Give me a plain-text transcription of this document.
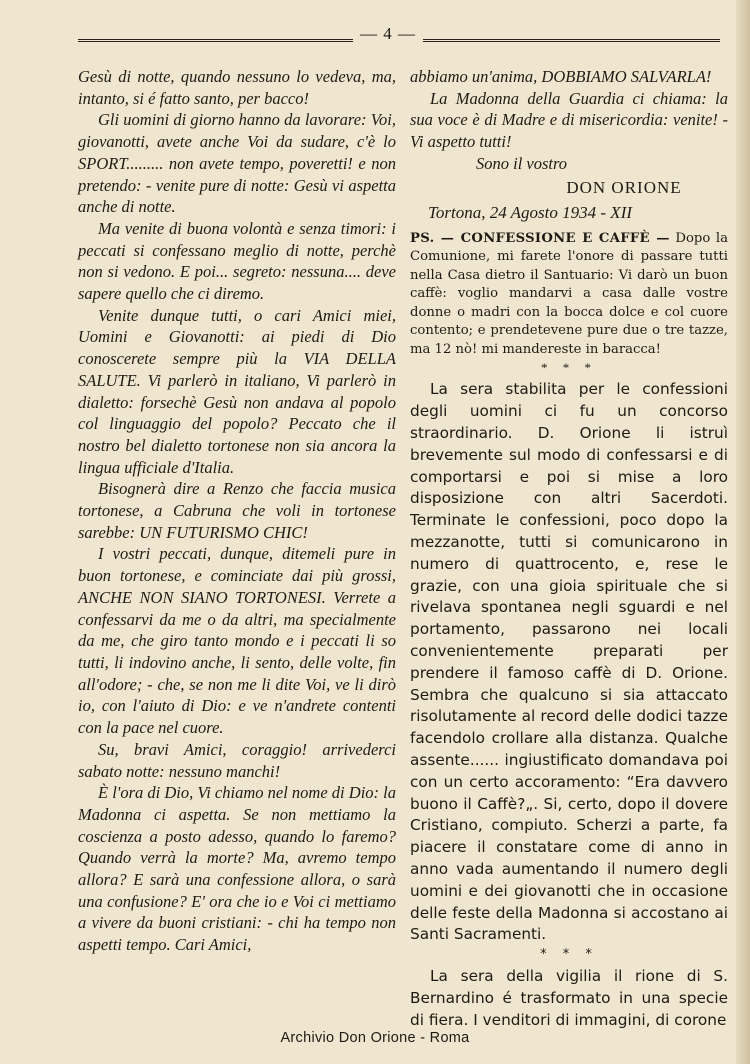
— 4 —

Gesù di notte, quando nessuno lo vedeva, ma, intanto, si é fatto santo, per bacco!

Gli uomini di giorno hanno da lavorare: Voi, giovanotti, avete anche Voi da sudare, c'è lo SPORT......... non avete tempo, poveretti! e non pretendo: - venite pure di notte: Gesù vi aspetta anche di notte.

Ma venite di buona volontà e senza timori: i peccati si confessano meglio di notte, perchè non si vedono. E poi... segreto: nessuna.... deve sapere quello che ci diremo.

Venite dunque tutti, o cari Amici miei, Uomini e Giovanotti: ai piedi di Dio conoscerete sempre più la VIA DELLA SALUTE. Vi parlerò in italiano, Vi parlerò in dialetto: forsechè Gesù non andava al popolo col linguaggio del popolo? Peccato che il nostro bel dialetto tortonese non sia ancora la lingua ufficiale d'Italia.

Bisognerà dire a Renzo che faccia musica tortonese, a Cabruna che voli in tortonese sarebbe: UN FUTURISMO CHIC!

I vostri peccati, dunque, ditemeli pure in buon tortonese, e cominciate dai più grossi, ANCHE NON SIANO TORTONESI. Verrete a confessarvi da me o da altri, ma specialmente da me, che giro tanto mondo e i peccati li so tutti, li indovino anche, li sento, delle volte, fin all'odore; - che, se non me li dite Voi, ve li dirò io, con l'aiuto di Dio: e ve n'andrete contenti con la pace nel cuore.

Su, bravi Amici, coraggio! arrivederci sabato notte: nessuno manchi!

È l'ora di Dio, Vi chiamo nel nome di Dio: la Madonna ci aspetta. Se non mettiamo la coscienza a posto adesso, quando lo faremo? Quando verrà la morte? Ma, avremo tempo allora? E sarà una confessione allora, o sarà una confusione? E' ora che io e Voi ci mettiamo a vivere da buoni cristiani: - chi ha tempo non aspetti tempo. Cari Amici,

abbiamo un'anima, DOBBIAMO SALVARLA!

La Madonna della Guardia ci chiama: la sua voce è di Madre e di misericordia: venite! - Vi aspetto tutti!

Sono il vostro

DON ORIONE

Tortona, 24 Agosto 1934 - XII

PS. — CONFESSIONE E CAFFÈ — Dopo la Comunione, mi farete l'onore di passare tutti nella Casa dietro il Santuario: Vi darò un buon caffè: voglio mandarvi a casa dalle vostre donne o madri con la bocca dolce e col cuore contento; e prendetevene pure due o tre tazze, ma 12 nò! mi manderestе in baracca!

* * *

La sera stabilita per le confessioni degli uomini ci fu un concorso straordinario. D. Orione li istruì brevemente sul modo di confessarsi e di comportarsi e poi si mise a loro disposizione con altri Sacerdoti. Terminate le confessioni, poco dopo la mezzanotte, tutti si comunicarono in numero di quattrocento, e, rese le grazie, con una gioia spirituale che si rivelava spontanea negli sguardi e nel portamento, passarono nei locali convenientemente preparati per prendere il famoso caffè di D. Orione. Sembra che qualcuno si sia attaccato risolutamente al record delle dodici tazze facendolo crollare alla distanza. Qualche assente...... ingiustificato domandava poi con un certo accoramento: “Era davvero buono il Caffè?„. Si, certo, dopo il dovere Cristiano, compiuto. Scherzi a parte, fa piacere il constatare come di anno in anno vada aumentando il numero degli uomini e dei giovanotti che in occasione delle feste della Madonna si accostano ai Santi Sacramenti.

* * *

La sera della vigilia il rione di S. Bernardino é trasformato in una specie di fiera. I venditori di immagini, di corone

Archivio Don Orione - Roma
